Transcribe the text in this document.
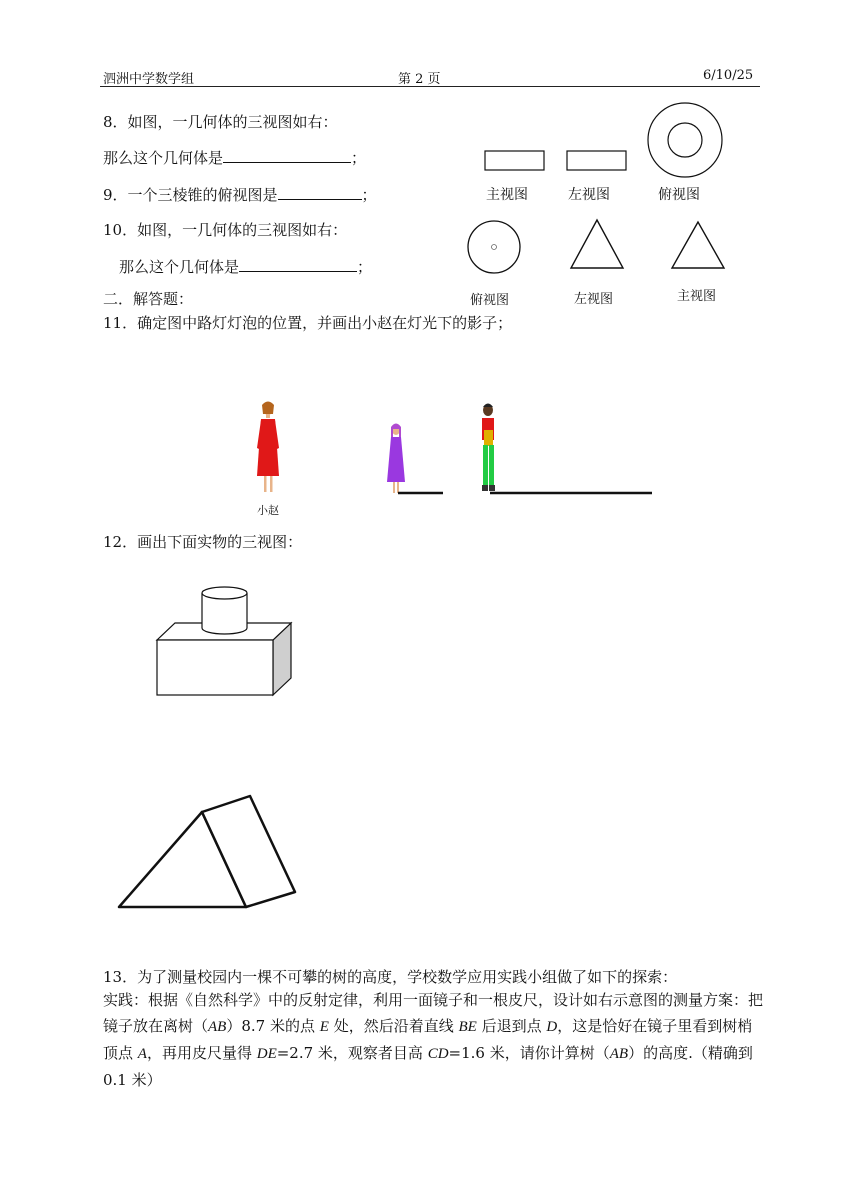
泗洲中学数学组	第 2 页	6/10/25
8．如图，一几何体的三视图如右：
那么这个几何体是	；
9．一个三棱锥的俯视图是	；
10．如图，一几何体的三视图如右：
那么这个几何体是	；
主视图	左视图	俯视图
俯视图	左视图	主视图
二．解答题：
11．确定图中路灯灯泡的位置，并画出小赵在灯光下的影子；
小赵
12．画出下面实物的三视图：
13．为了测量校园内一棵不可攀的树的高度，学校数学应用实践小组做了如下的探索：
实践：根据《自然科学》中的反射定律，利用一面镜子和一根皮尺，设计如右示意图的测量方案：把镜子放在离树（AB）8.7 米的点 E 处，然后沿着直线 BE 后退到点 D，这是恰好在镜子里看到树梢顶点 A，再用皮尺量得 DE=2.7 米，观察者目高 CD=1.6 米，请你计算树（AB）的高度.（精确到 0.1 米）
